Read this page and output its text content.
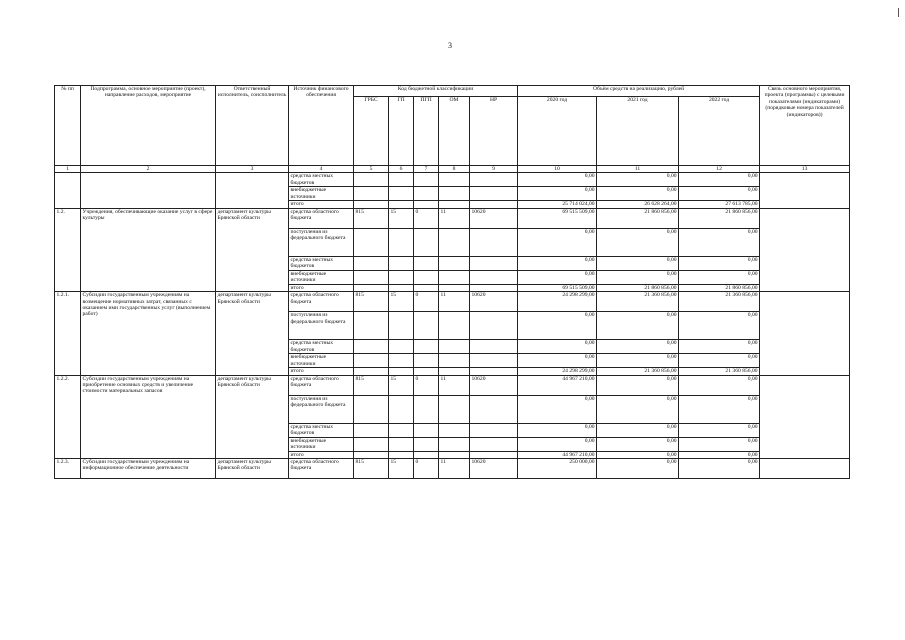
3
№ пп	Подпрограмма, основное мероприятие (проект), направление расходов, мероприятие	Ответственный исполнитель, соисполнитель	Источник финансового обеспечения	Код бюджетной классификации					Объём средств на реализацию, рублей			Связь основного мероприятия, проекта (программы) с целевыми показателями (индикаторами) (порядковые номера показателей (индикаторов))
				ГРБС	ГП	ПГП	ОМ	НР	2020 год	2021 год	2022 год	
1	2	3	4	5	6	7	8	9	10	11	12	13
			средства местных бюджетов						0,00	0,00	0,00	
			внебюджетные источники						0,00	0,00	0,00	
			итого						25 714 024,00	26 628 264,00	27 613 785,00	
1.2.	Учреждения, обеспечивающие оказание услуг в сфере культуры	департамент культуры Брянской области	средства областного бюджета	815	15	0	11	10620	69 515 509,00	21 860 856,00	21 860 856,00	
			поступления из федерального бюджета						0,00	0,00	0,00	
			средства местных бюджетов						0,00	0,00	0,00	
			внебюджетные источники						0,00	0,00	0,00	
			итого						69 515 509,00	21 860 856,00	21 860 856,00	
1.2.1.	Субсидии государственным учреждениям на возмещение нормативных затрат, связанных с оказанием ими государственных услуг (выполнением работ)	департамент культуры Брянской области	средства областного бюджета	815	15	0	11	10620	24 298 299,00	21 360 856,00	21 360 856,00	
			поступления из федерального бюджета						0,00	0,00	0,00	
			средства местных бюджетов						0,00	0,00	0,00	
			внебюджетные источники						0,00	0,00	0,00	
			итого						24 298 299,00	21 360 856,00	21 360 856,00	
1.2.2.	Субсидии государственным учреждениям на приобретение основных средств и увеличение стоимости материальных запасов	департамент культуры Брянской области	средства областного бюджета	815	15	0	11	10620	44 967 210,00	0,00	0,00	
			поступления из федерального бюджета						0,00	0,00	0,00	
			средства местных бюджетов						0,00	0,00	0,00	
			внебюджетные источники						0,00	0,00	0,00	
			итого						44 967 210,00	0,00	0,00	
1.2.3.	Субсидии государственным учреждениям на информационное обеспечение деятельности	департамент культуры Брянской области	средства областного бюджета	815	15	0	11	10620	250 000,00	0,00	0,00	
